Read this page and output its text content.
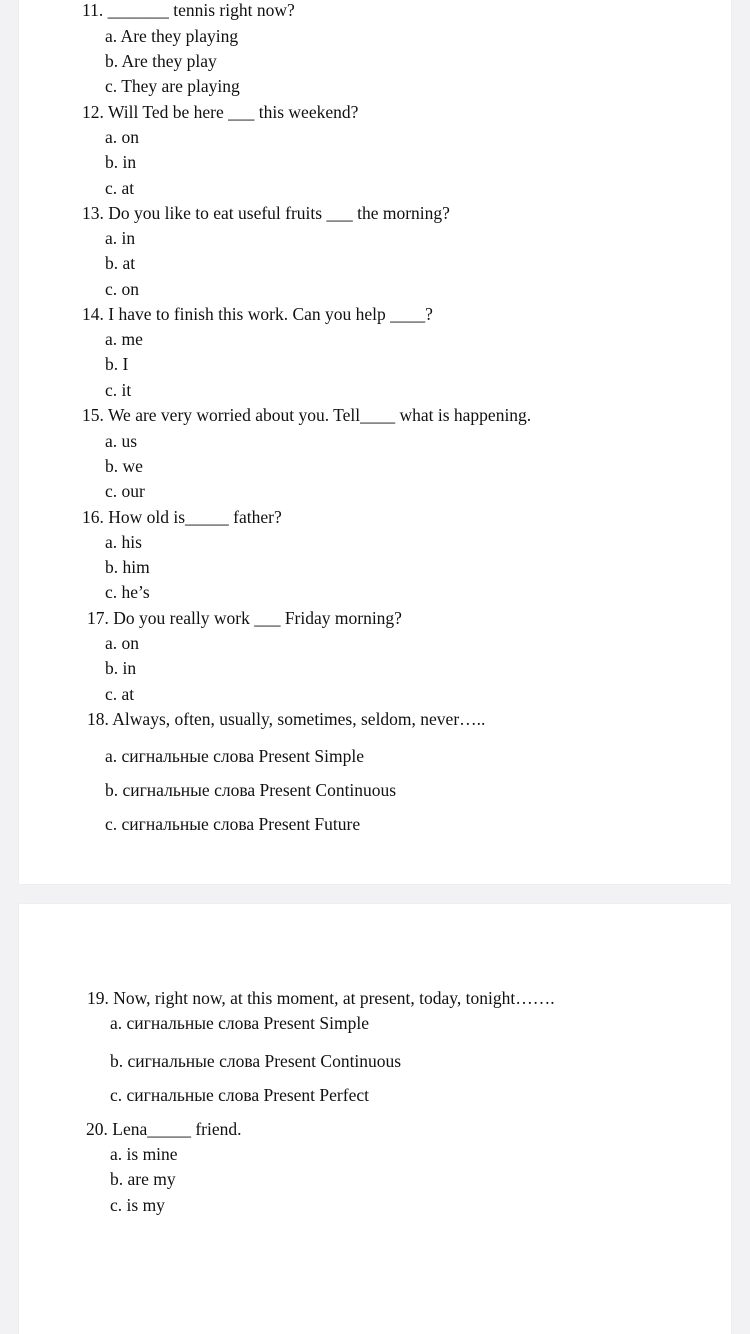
11. _______ tennis right now?
a. Are they playing
b. Are they play
c. They are playing
12. Will Ted be here ___ this weekend?
a. on
b. in
c. at
13. Do you like to eat useful fruits ___ the morning?
a. in
b. at
c. on
14. I have to finish this work. Can you help ____?
a. me
b. I
c. it
15. We are very worried about you. Tell____ what is happening.
a. us
b. we
c. our
16. How old is_____ father?
a. his
b. him
c. he’s
17. Do you really work ___ Friday morning?
a. on
b. in
c. at
18. Always, often, usually, sometimes, seldom, never…..
a. сигнальные слова Present Simple
b. сигнальные слова Present Continuous
c. сигнальные слова Present Future
19. Now, right now, at this moment, at present, today, tonight…….
a. сигнальные слова Present Simple
b. сигнальные слова Present Continuous
c. сигнальные слова Present Perfect
20. Lena_____ friend.
a. is mine
b. are my
c. is my
